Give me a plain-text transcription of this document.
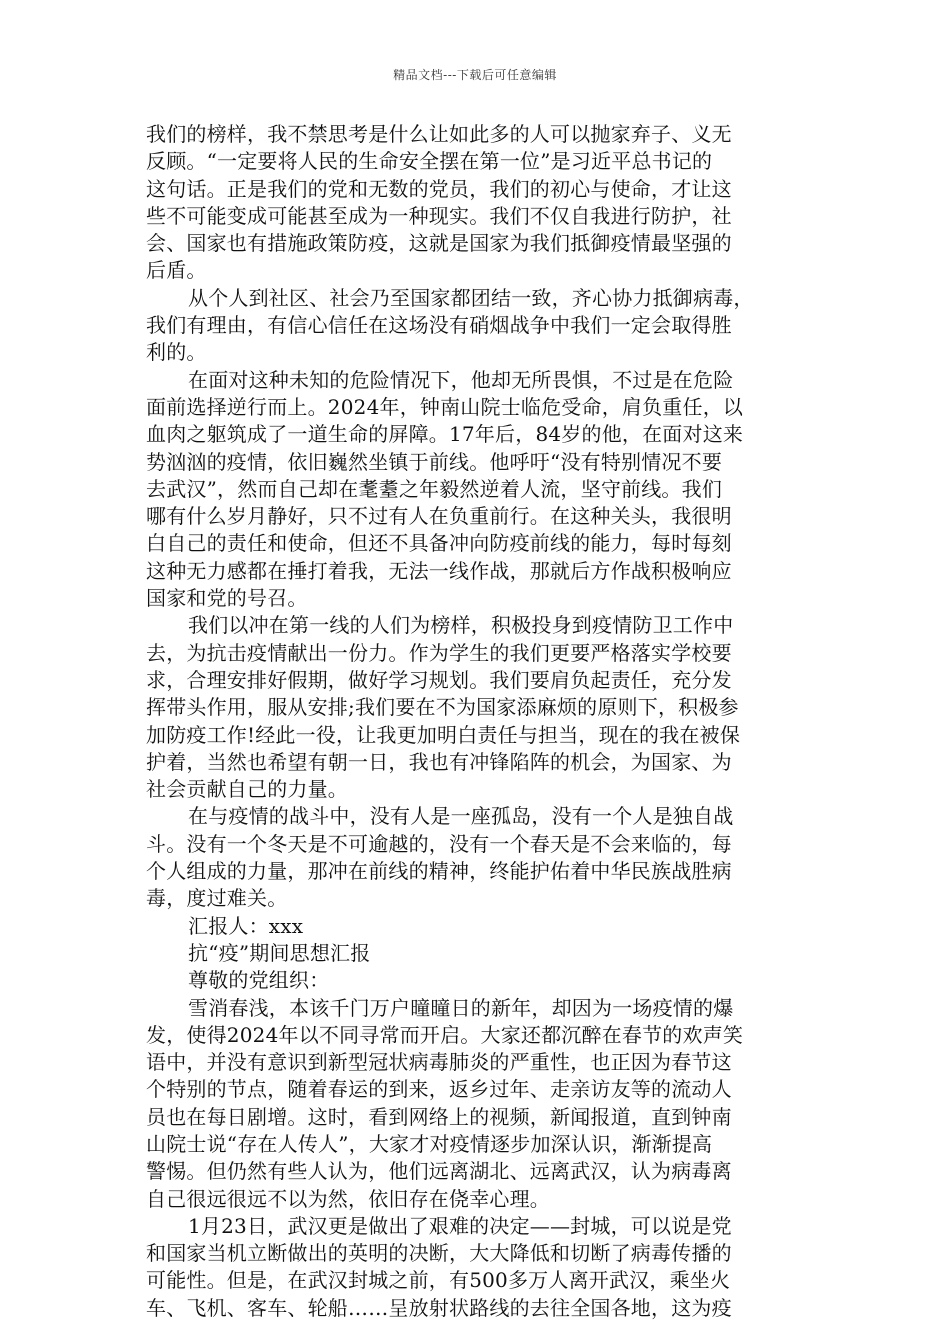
精品文档---下载后可任意编辑
我们的榜样，我不禁思考是什么让如此多的人可以抛家弃子、义无
反顾。“一定要将人民的生命安全摆在第一位”是习近平总书记的
这句话。正是我们的党和无数的党员，我们的初心与使命，才让这
些不可能变成可能甚至成为一种现实。我们不仅自我进行防护，社
会、国家也有措施政策防疫，这就是国家为我们抵御疫情最坚强的
后盾。
从个人到社区、社会乃至国家都团结一致，齐心协力抵御病毒，
我们有理由，有信心信任在这场没有硝烟战争中我们一定会取得胜
利的。
在面对这种未知的危险情况下，他却无所畏惧，不过是在危险
面前选择逆行而上。2024年，钟南山院士临危受命，肩负重任，以
血肉之躯筑成了一道生命的屏障。17年后，84岁的他，在面对这来
势汹汹的疫情，依旧巍然坐镇于前线。他呼吁“没有特别情况不要
去武汉”，然而自己却在耄耋之年毅然逆着人流，坚守前线。我们
哪有什么岁月静好，只不过有人在负重前行。在这种关头，我很明
白自己的责任和使命，但还不具备冲向防疫前线的能力，每时每刻
这种无力感都在捶打着我，无法一线作战，那就后方作战积极响应
国家和党的号召。
我们以冲在第一线的人们为榜样，积极投身到疫情防卫工作中
去，为抗击疫情献出一份力。作为学生的我们更要严格落实学校要
求，合理安排好假期，做好学习规划。我们要肩负起责任，充分发
挥带头作用，服从安排;我们要在不为国家添麻烦的原则下，积极参
加防疫工作!经此一役，让我更加明白责任与担当，现在的我在被保
护着，当然也希望有朝一日，我也有冲锋陷阵的机会，为国家、为
社会贡献自己的力量。
在与疫情的战斗中，没有人是一座孤岛，没有一个人是独自战
斗。没有一个冬天是不可逾越的，没有一个春天是不会来临的，每
个人组成的力量，那冲在前线的精神，终能护佑着中华民族战胜病
毒，度过难关。
汇报人：xxx
抗“疫”期间思想汇报
尊敬的党组织：
雪消春浅，本该千门万户曈曈日的新年，却因为一场疫情的爆
发，使得2024年以不同寻常而开启。大家还都沉醉在春节的欢声笑
语中，并没有意识到新型冠状病毒肺炎的严重性，也正因为春节这
个特别的节点，随着春运的到来，返乡过年、走亲访友等的流动人
员也在每日剧增。这时，看到网络上的视频，新闻报道，直到钟南
山院士说“存在人传人”，大家才对疫情逐步加深认识，渐渐提高
警惕。但仍然有些人认为，他们远离湖北、远离武汉，认为病毒离
自己很远很远不以为然，依旧存在侥幸心理。
1月23日，武汉更是做出了艰难的决定——封城，可以说是党
和国家当机立断做出的英明的决断，大大降低和切断了病毒传播的
可能性。但是，在武汉封城之前，有500多万人离开武汉，乘坐火
车、飞机、客车、轮船……呈放射状路线的去往全国各地，这为疫
